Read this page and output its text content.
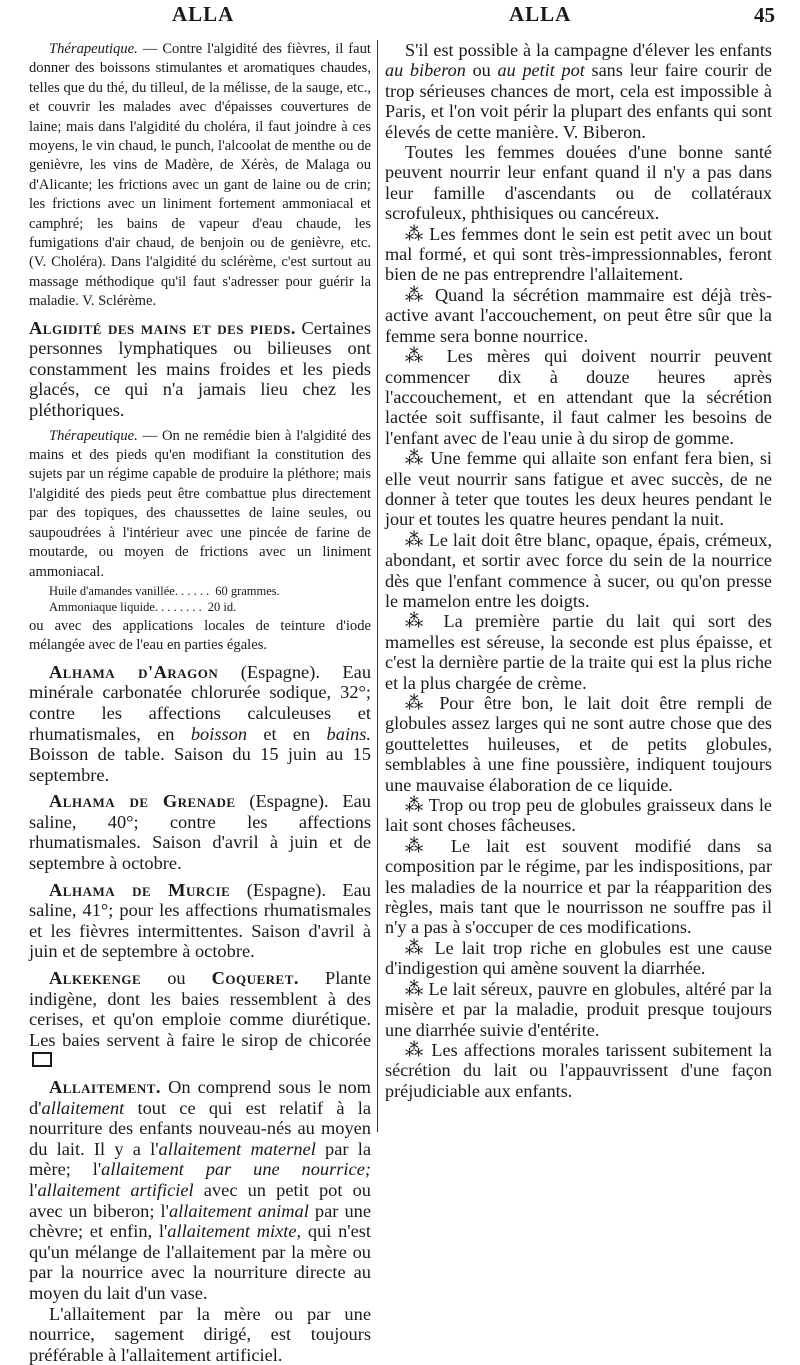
ALLA	ALLA	45

Thérapeutique. — Contre l'algidité des fièvres, il faut donner des boissons stimulantes et aromatiques chaudes, telles que du thé, du tilleul, de la mélisse, de la sauge, etc., et couvrir les malades avec d'épaisses couvertures de laine; mais dans l'algidité du choléra, il faut joindre à ces moyens, le vin chaud, le punch, l'alcoolat de menthe ou de genièvre, les vins de Madère, de Xérès, de Malaga ou d'Alicante; les frictions avec un gant de laine ou de crin; les frictions avec un liniment fortement ammoniacal et camphré; les bains de vapeur d'eau chaude, les fumigations d'air chaud, de benjoin ou de genièvre, etc. (V. Choléra). Dans l'algidité du sclérème, c'est surtout au massage méthodique qu'il faut s'adresser pour guérir la maladie. V. Sclérème.

Algidité des mains et des pieds. Certaines personnes lymphatiques ou bilieuses ont constamment les mains froides et les pieds glacés, ce qui n'a jamais lieu chez les pléthoriques.

Thérapeutique. — On ne remédie bien à l'algidité des mains et des pieds qu'en modifiant la constitution des sujets par un régime capable de produire la pléthore; mais l'algidité des pieds peut être combattue plus directement par des topiques, des chaussettes de laine seules, ou saupoudrées à l'intérieur avec une pincée de farine de moutarde, ou moyen de frictions avec un liniment ammoniacal.

Huile d'amandes vanillée. . . . . . 60 grammes.
Ammoniaque liquide. . . . . . . . 20 id.

ou avec des applications locales de teinture d'iode mélangée avec de l'eau en parties égales.

Alhama d'Aragon (Espagne). Eau minérale carbonatée chlorurée sodique, 32°; contre les affections calculeuses et rhumatismales, en boisson et en bains. Boisson de table. Saison du 15 juin au 15 septembre.

Alhama de Grenade (Espagne). Eau saline, 40°; contre les affections rhumatismales. Saison d'avril à juin et de septembre à octobre.

Alhama de Murcie (Espagne). Eau saline, 41°; pour les affections rhumatismales et les fièvres intermittentes. Saison d'avril à juin et de septembre à octobre.

Alkekenge ou Coqueret. Plante indigène, dont les baies ressemblent à des cerises, et qu'on emploie comme diurétique. Les baies servent à faire le sirop de chicorée

Allaitement. On comprend sous le nom d'allaitement tout ce qui est relatif à la nourriture des enfants nouveau-nés au moyen du lait. Il y a l'allaitement maternel par la mère; l'allaitement par une nourrice; l'allaitement artificiel avec un petit pot ou avec un biberon; l'allaitement animal par une chèvre; et enfin, l'allaitement mixte, qui n'est qu'un mélange de l'allaitement par la mère ou par la nourrice avec la nourriture directe au moyen du lait d'un vase.

L'allaitement par la mère ou par une nourrice, sagement dirigé, est toujours préférable à l'allaitement artificiel.

S'il est possible à la campagne d'élever les enfants au biberon ou au petit pot sans leur faire courir de trop sérieuses chances de mort, cela est impossible à Paris, et l'on voit périr la plupart des enfants qui sont élevés de cette manière. V. Biberon.

Toutes les femmes douées d'une bonne santé peuvent nourrir leur enfant quand il n'y a pas dans leur famille d'ascendants ou de collatéraux scrofuleux, phthisiques ou cancéreux.

⁂ Les femmes dont le sein est petit avec un bout mal formé, et qui sont très-impressionnables, feront bien de ne pas entreprendre l'allaitement.

⁂ Quand la sécrétion mammaire est déjà très-active avant l'accouchement, on peut être sûr que la femme sera bonne nourrice.

⁂ Les mères qui doivent nourrir peuvent commencer dix à douze heures après l'accouchement, et en attendant que la sécrétion lactée soit suffisante, il faut calmer les besoins de l'enfant avec de l'eau unie à du sirop de gomme.

⁂ Une femme qui allaite son enfant fera bien, si elle veut nourrir sans fatigue et avec succès, de ne donner à teter que toutes les deux heures pendant le jour et toutes les quatre heures pendant la nuit.

⁂ Le lait doit être blanc, opaque, épais, crémeux, abondant, et sortir avec force du sein de la nourrice dès que l'enfant commence à sucer, ou qu'on presse le mamelon entre les doigts.

⁂ La première partie du lait qui sort des mamelles est séreuse, la seconde est plus épaisse, et c'est la dernière partie de la traite qui est la plus riche et la plus chargée de crème.

⁂ Pour être bon, le lait doit être rempli de globules assez larges qui ne sont autre chose que des gouttelettes huileuses, et de petits globules, semblables à une fine poussière, indiquent toujours une mauvaise élaboration de ce liquide.

⁂ Trop ou trop peu de globules graisseux dans le lait sont choses fâcheuses.

⁂ Le lait est souvent modifié dans sa composition par le régime, par les indispositions, par les maladies de la nourrice et par la réapparition des règles, mais tant que le nourrisson ne souffre pas il n'y a pas à s'occuper de ces modifications.

⁂ Le lait trop riche en globules est une cause d'indigestion qui amène souvent la diarrhée.

⁂ Le lait séreux, pauvre en globules, altéré par la misère et par la maladie, produit presque toujours une diarrhée suivie d'entérite.

⁂ Les affections morales tarissent subitement la sécrétion du lait ou l'appauvrissent d'une façon préjudiciable aux enfants.
